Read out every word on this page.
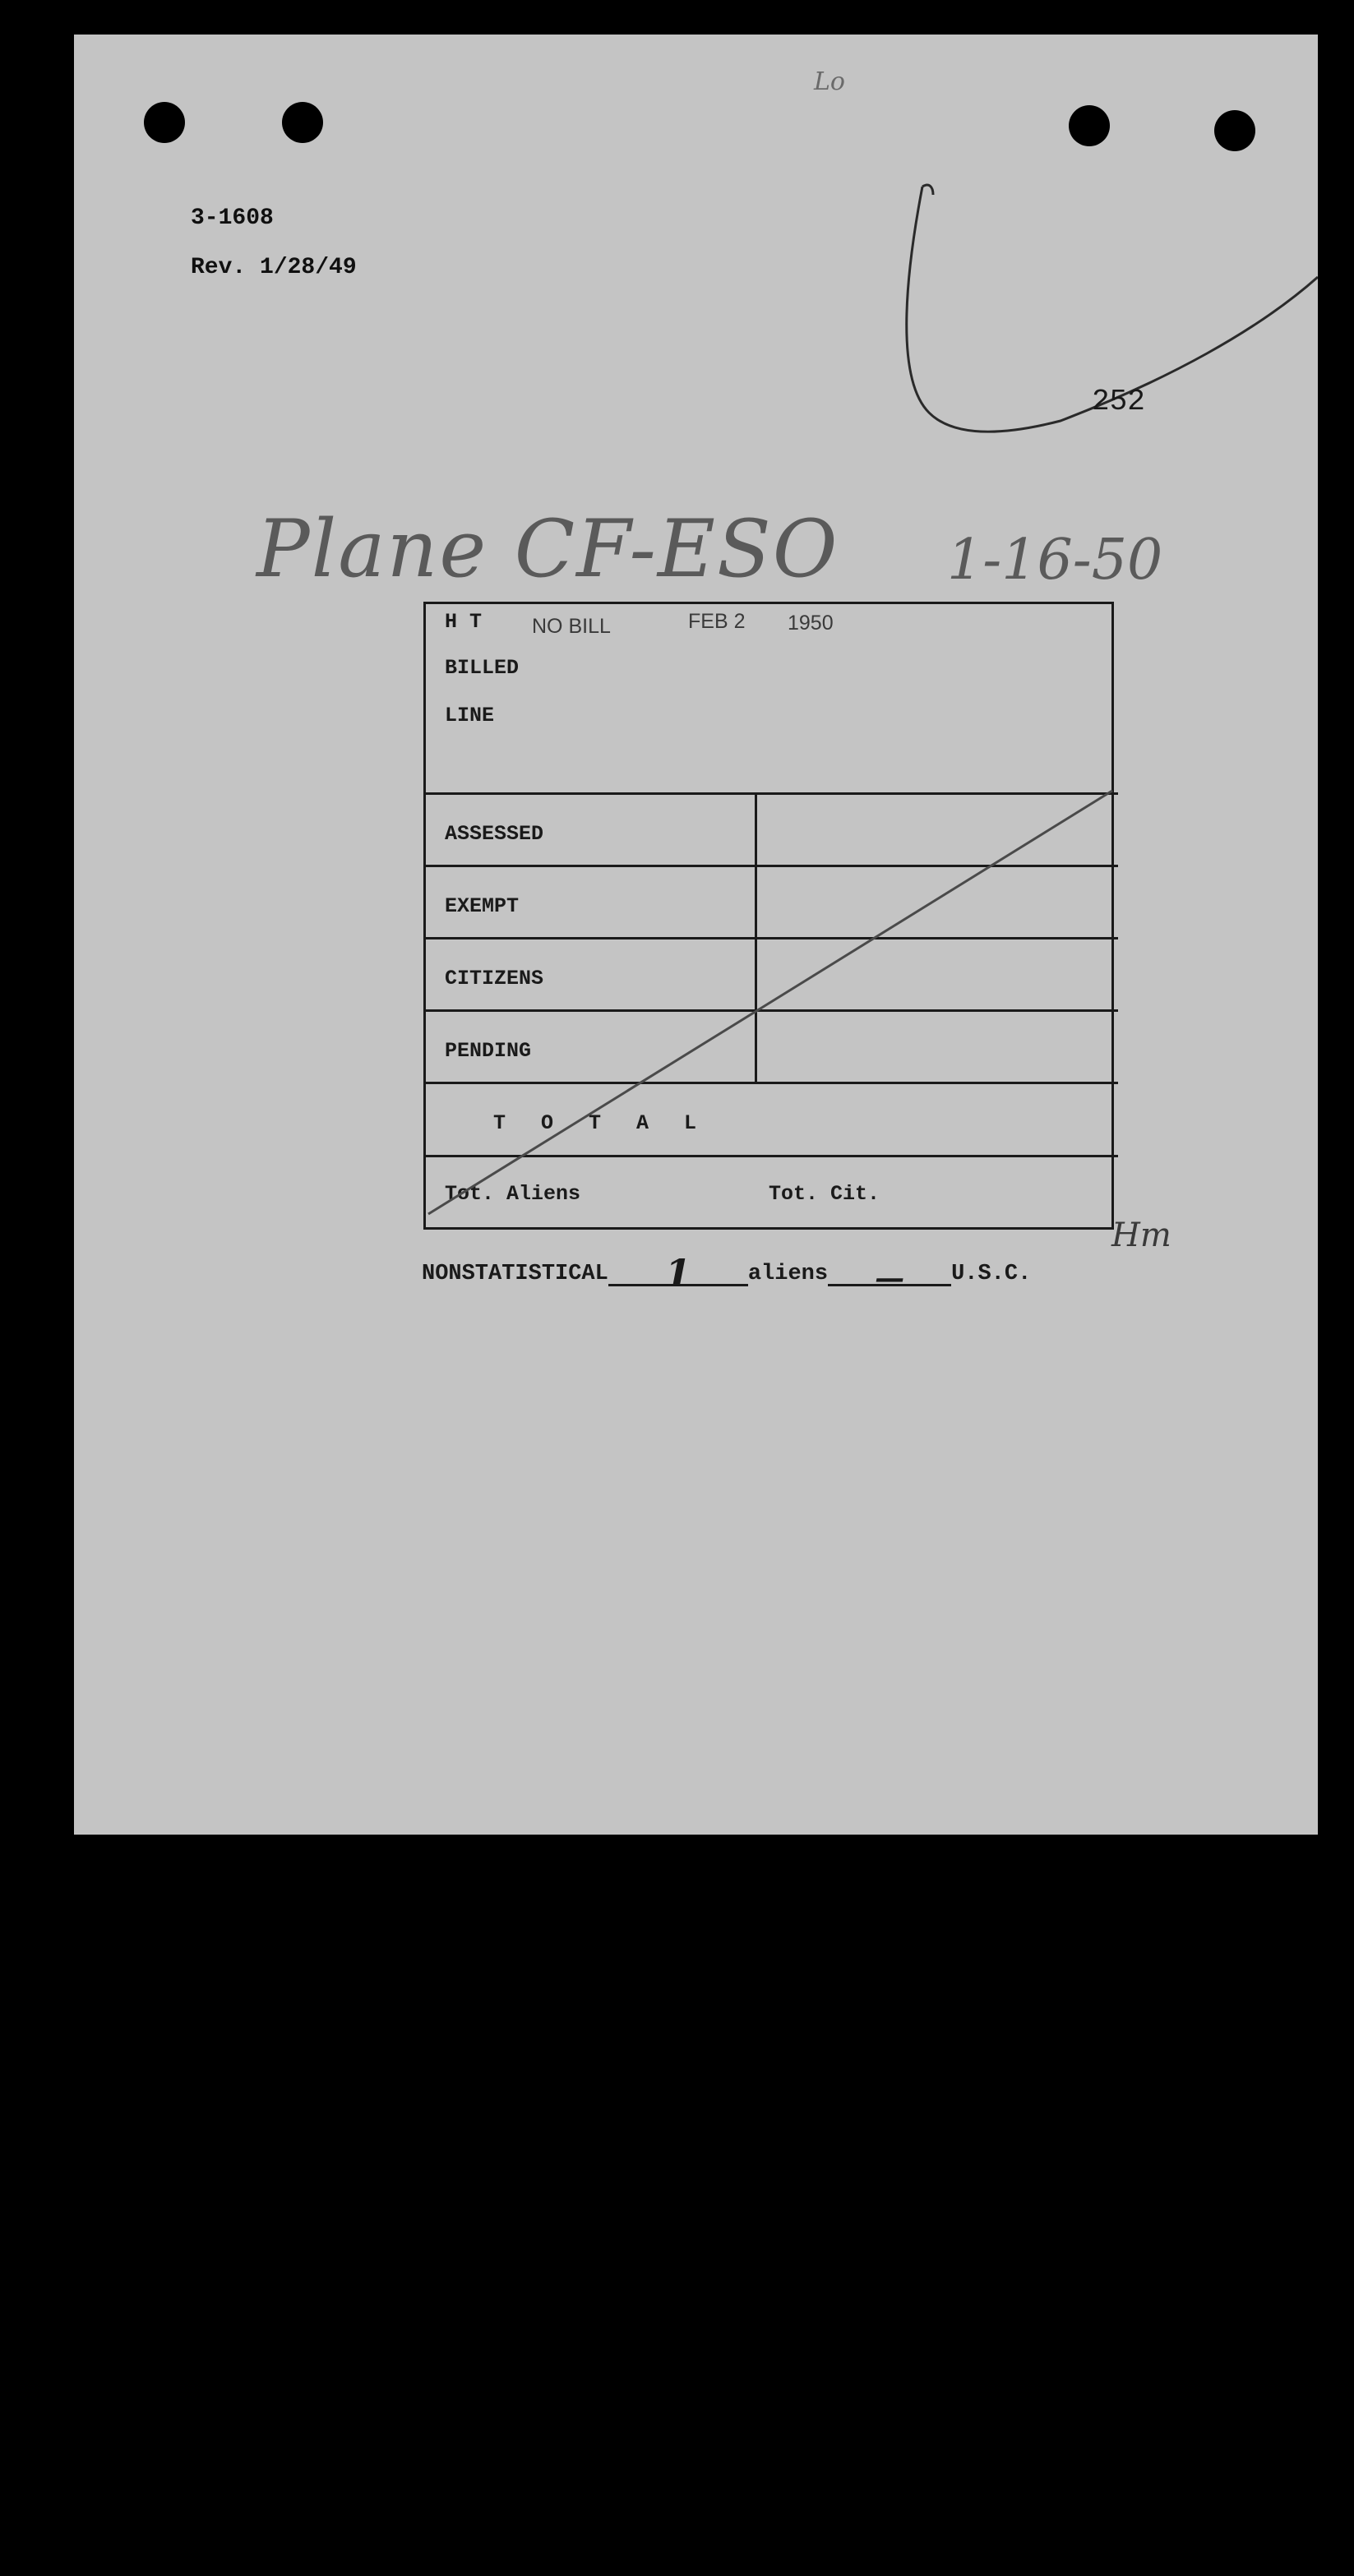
Lo
3-1608
Rev. 1/28/49
252
Plane CF-ESO 1-16-50
H T NO BILL	FEB 2 1950
BILLED
LINE
ASSESSED
EXEMPT
CITIZENS
PENDING
T O T A L
Tot. Aliens	Tot. Cit.
Hm
NONSTATISTICAL 1	aliens — U.S.C.
